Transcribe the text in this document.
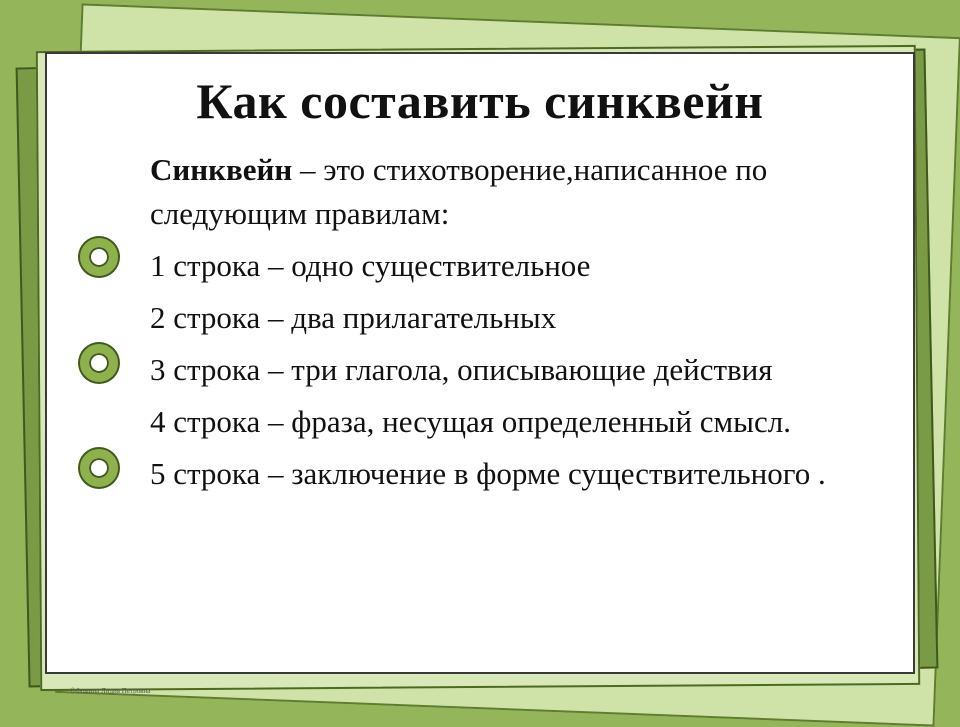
Как составить синквейн

Синквейн – это стихотворение,написанное по следующим правилам:

1 строка – одно существительное

2 строка – два прилагательных

3 строка – три глагола, описывающие действия

4 строка – фраза, несущая определенный смысл.

5 строка – заключение в форме существительного .

©Фомина Лидия Петровна
